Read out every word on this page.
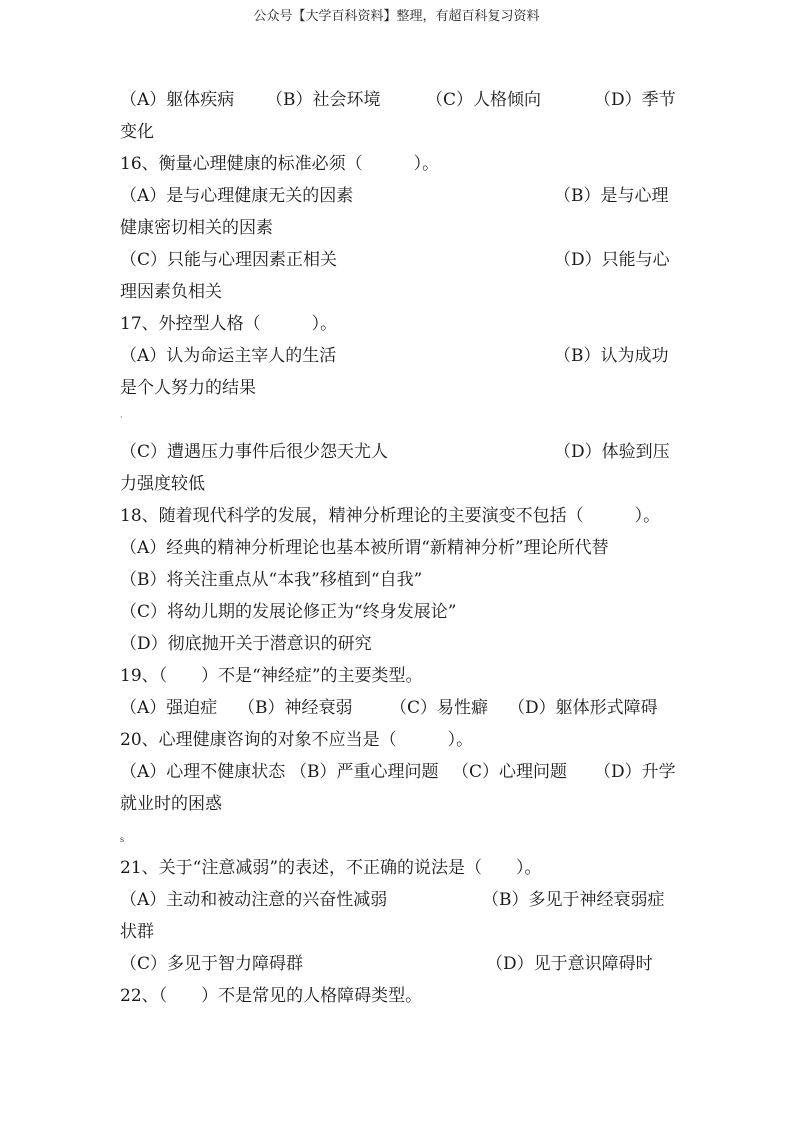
公众号【大学百科资料】整理，有超百科复习资料
（A）躯体疾病 （B）社会环境	（C）人格倾向	（D）季节
变化
16、衡量心理健康的标准必须（　　　）。
（A）是与心理健康无关的因素	（B）是与心理
健康密切相关的因素
（C）只能与心理因素正相关	（D）只能与心
理因素负相关
17、外控型人格（　　　）。
（A）认为命运主宰人的生活	（B）认为成功
是个人努力的结果
·
（C）遭遇压力事件后很少怨天尤人	（D）体验到压
力强度较低
18、随着现代科学的发展，精神分析理论的主要演变不包括（　　　）。
（A）经典的精神分析理论也基本被所谓“新精神分析”理论所代替
（B）将关注重点从“本我”移植到“自我”
（C）将幼儿期的发展论修正为“终身发展论”
（D）彻底抛开关于潜意识的研究
19、（　　）不是“神经症”的主要类型。
（A）强迫症 （B）神经衰弱 （C）易性癖 （D）躯体形式障碍
20、心理健康咨询的对象不应当是（　　　）。
（A）心理不健康状态 （B）严重心理问题 （C）心理问题 （D）升学
就业时的困惑
s
21、关于“注意减弱”的表述，不正确的说法是（　　）。
（A）主动和被动注意的兴奋性减弱	（B）多见于神经衰弱症
状群
（C）多见于智力障碍群	（D）见于意识障碍时
22、（　　）不是常见的人格障碍类型。
